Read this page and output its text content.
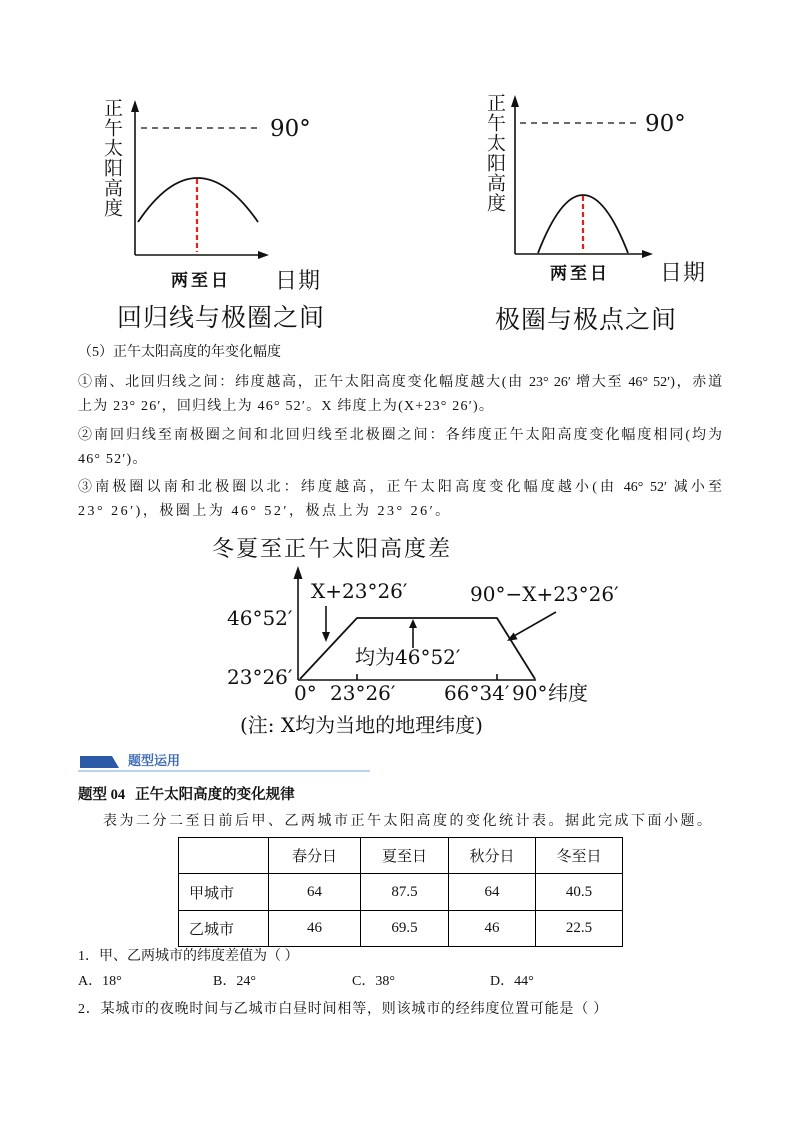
正午太阳高度	90°
两至日 日期
回归线与极圈之间
正午太阳高度	90°
两至日 日期
极圈与极点之间
（5）正午太阳高度的年变化幅度
①南、北回归线之间：纬度越高，正午太阳高度变化幅度越大(由 23° 26′ 增大至 46° 52′)，赤道
上为 23° 26′，回归线上为 46° 52′。X 纬度上为(X+23° 26′)。
②南回归线至南极圈之间和北回归线至北极圈之间：各纬度正午太阳高度变化幅度相同(均为
46° 52′)。
③南极圈以南和北极圈以北：纬度越高，正午太阳高度变化幅度越小(由 46° 52′ 减小至
23° 26′)，极圈上为 46° 52′，极点上为 23° 26′。
冬夏至正午太阳高度差
46°52′
23°26′
0° 23°26′ 66°34′ 90° 纬度
X+23°26′	90°−X+23°26′
均为46°52′
(注: X均为当地的地理纬度)
题型运用
题型 04 正午太阳高度的变化规律
表为二分二至日前后甲、乙两城市正午太阳高度的变化统计表。据此完成下面小题。
	春分日	夏至日	秋分日	冬至日
甲城市	64	87.5	64	40.5
乙城市	46	69.5	46	22.5
1．甲、乙两城市的纬度差值为（ ）
A．18°	B．24°	C．38°	D．44°
2．某城市的夜晚时间与乙城市白昼时间相等，则该城市的经纬度位置可能是（ ）
